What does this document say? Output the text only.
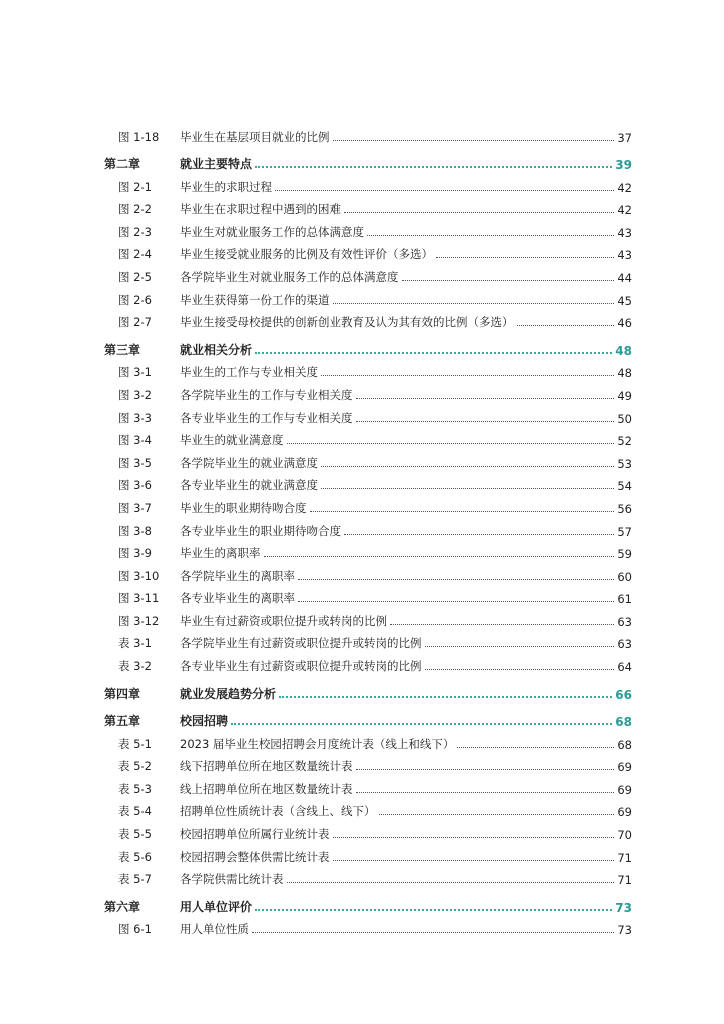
图 1-18	毕业生在基层项目就业的比例	37
第二章	就业主要特点	39
图 2-1	毕业生的求职过程	42
图 2-2	毕业生在求职过程中遇到的困难	42
图 2-3	毕业生对就业服务工作的总体满意度	43
图 2-4	毕业生接受就业服务的比例及有效性评价（多选）	43
图 2-5	各学院毕业生对就业服务工作的总体满意度	44
图 2-6	毕业生获得第一份工作的渠道	45
图 2-7	毕业生接受母校提供的创新创业教育及认为其有效的比例（多选）	46
第三章	就业相关分析	48
图 3-1	毕业生的工作与专业相关度	48
图 3-2	各学院毕业生的工作与专业相关度	49
图 3-3	各专业毕业生的工作与专业相关度	50
图 3-4	毕业生的就业满意度	52
图 3-5	各学院毕业生的就业满意度	53
图 3-6	各专业毕业生的就业满意度	54
图 3-7	毕业生的职业期待吻合度	56
图 3-8	各专业毕业生的职业期待吻合度	57
图 3-9	毕业生的离职率	59
图 3-10	各学院毕业生的离职率	60
图 3-11	各专业毕业生的离职率	61
图 3-12	毕业生有过薪资或职位提升或转岗的比例	63
表 3-1	各学院毕业生有过薪资或职位提升或转岗的比例	63
表 3-2	各专业毕业生有过薪资或职位提升或转岗的比例	64
第四章	就业发展趋势分析	66
第五章	校园招聘	68
表 5-1	2023 届毕业生校园招聘会月度统计表（线上和线下）	68
表 5-2	线下招聘单位所在地区数量统计表	69
表 5-3	线上招聘单位所在地区数量统计表	69
表 5-4	招聘单位性质统计表（含线上、线下）	69
表 5-5	校园招聘单位所属行业统计表	70
表 5-6	校园招聘会整体供需比统计表	71
表 5-7	各学院供需比统计表	71
第六章	用人单位评价	73
图 6-1	用人单位性质	73
